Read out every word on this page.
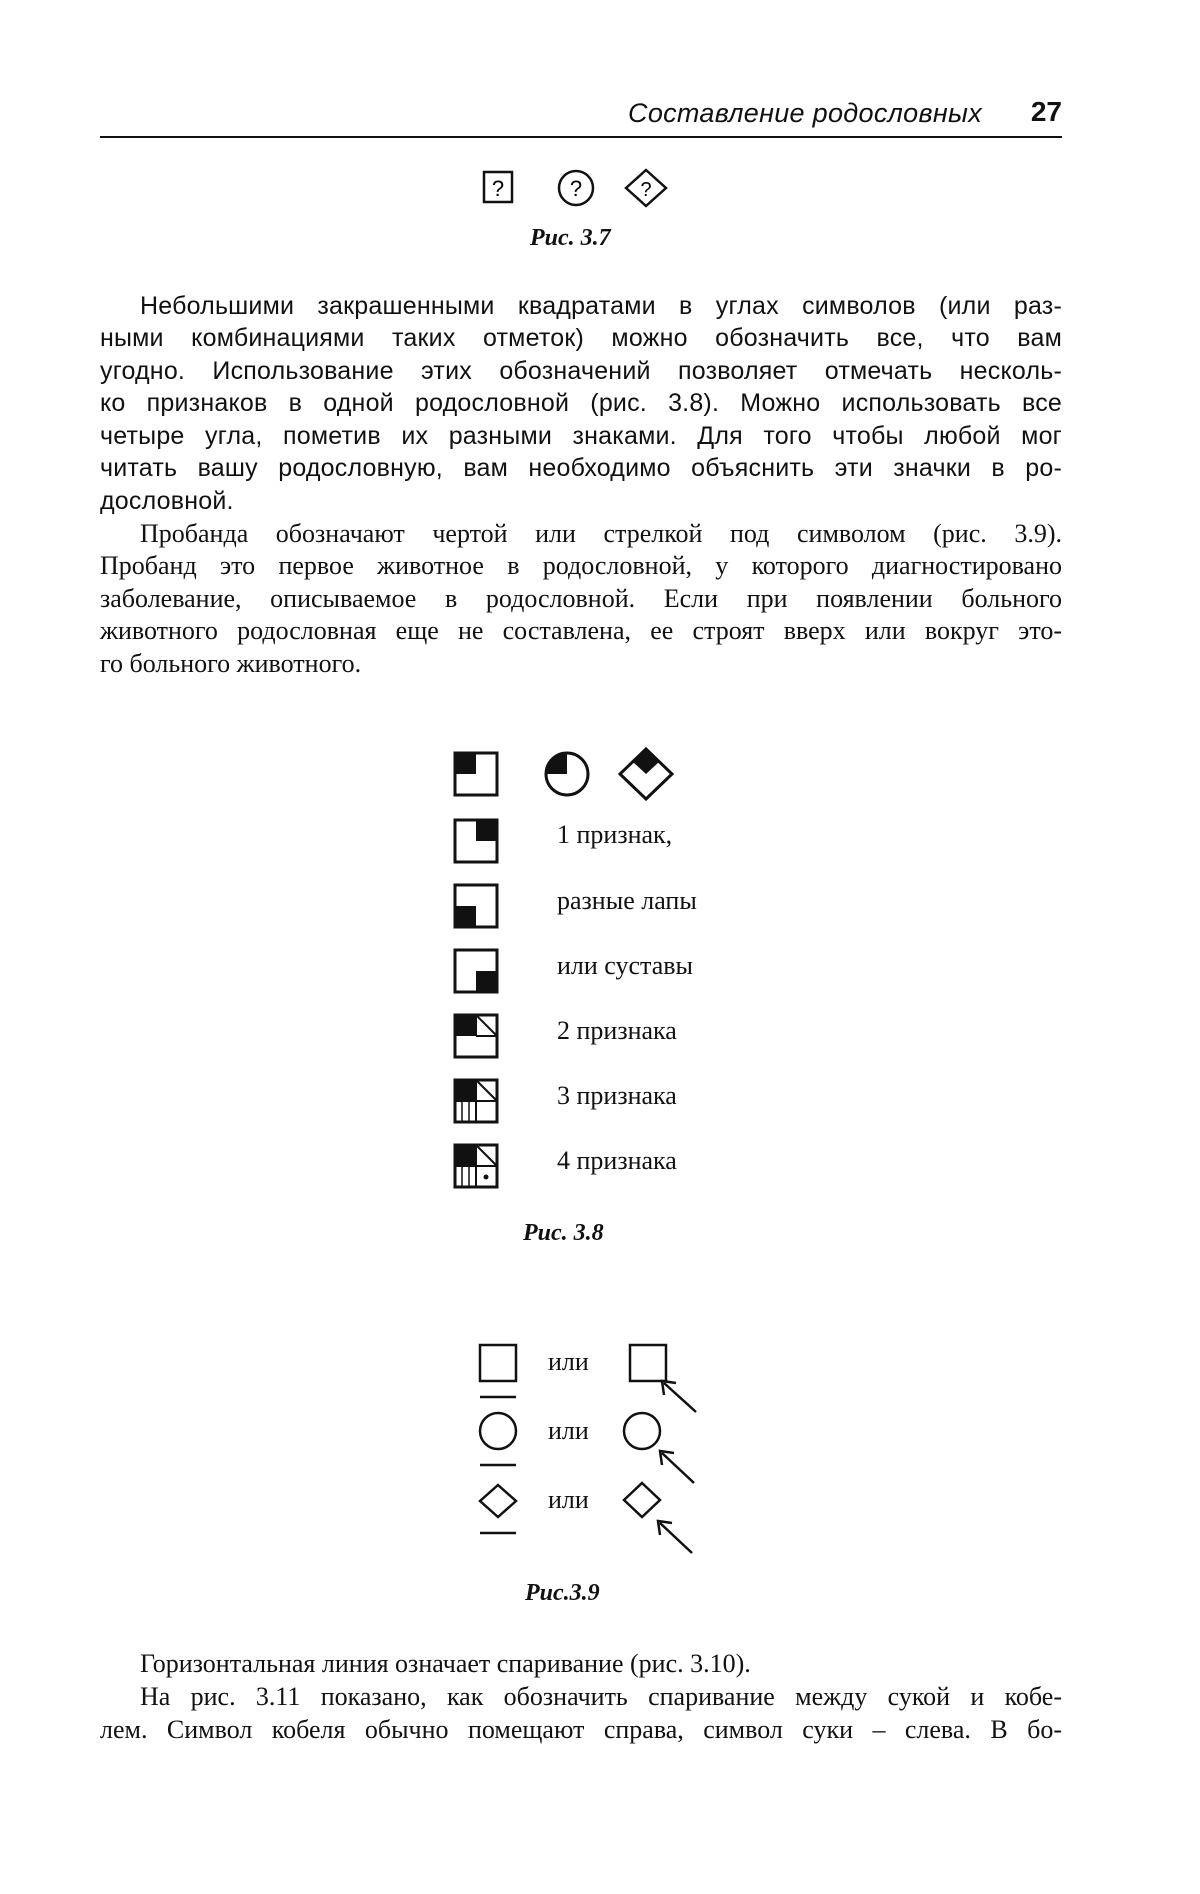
Составление родословных 27
?	?	?
Рис. 3.7
Небольшими закрашенными квадратами в углах символов (или раз-
ными комбинациями таких отметок) можно обозначить все, что вам
угодно. Использование этих обозначений позволяет отмечать несколь-
ко признаков в одной родословной (рис. 3.8). Можно использовать все
четыре угла, пометив их разными знаками. Для того чтобы любой мог
читать вашу родословную, вам необходимо объяснить эти значки в ро-
дословной.
Пробанда обозначают чертой или стрелкой под символом (рис. 3.9).
Пробанд это первое животное в родословной, у которого диагностировано
заболевание, описываемое в родословной. Если при появлении больного
животного родословная еще не составлена, ее строят вверх или вокруг это-
го больного животного.
1 признак,
разные лапы
или суставы
2 признака
3 признака
4 признака
Рис. 3.8
или
или
или
Рис.3.9
Горизонтальная линия означает спаривание (рис. 3.10).
На рис. 3.11 показано, как обозначить спаривание между сукой и кобе-
лем. Символ кобеля обычно помещают справа, символ суки – слева. В бо-
